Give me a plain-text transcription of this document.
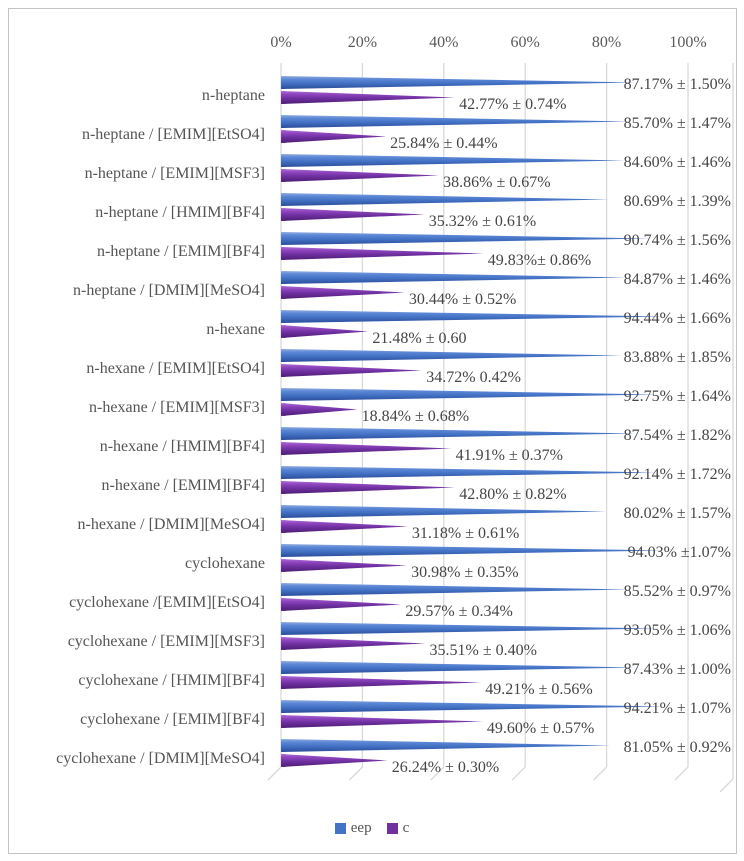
0%	20%	40%	60%	80%	100%
n-heptane
87.17% ± 1.50%
42.77% ± 0.74%
n-heptane / [EMIM][EtSO4]
85.70% ± 1.47%
25.84% ± 0.44%
n-heptane / [EMIM][MSF3]
84.60% ± 1.46%
38.86% ± 0.67%
n-heptane / [HMIM][BF4]
80.69% ± 1.39%
35.32% ± 0.61%
n-heptane / [EMIM][BF4]
90.74% ± 1.56%
49.83%± 0.86%
n-heptane / [DMIM][MeSO4]
84.87% ± 1.46%
30.44% ± 0.52%
n-hexane
94.44% ± 1.66%
21.48% ± 0.60
n-hexane / [EMIM][EtSO4]
83.88% ± 1.85%
34.72% 0.42%
n-hexane / [EMIM][MSF3]
92.75% ± 1.64%
18.84% ± 0.68%
n-hexane / [HMIM][BF4]
87.54% ± 1.82%
41.91% ± 0.37%
n-hexane / [EMIM][BF4]
92.14% ± 1.72%
42.80% ± 0.82%
n-hexane / [DMIM][MeSO4]
80.02% ± 1.57%
31.18% ± 0.61%
cyclohexane
94.03% ±1.07%
30.98% ± 0.35%
cyclohexane /[EMIM][EtSO4]
85.52% ± 0.97%
29.57% ± 0.34%
cyclohexane / [EMIM][MSF3]
93.05% ± 1.06%
35.51% ± 0.40%
cyclohexane / [HMIM][BF4]
87.43% ± 1.00%
49.21% ± 0.56%
cyclohexane / [EMIM][BF4]
94.21% ± 1.07%
49.60% ± 0.57%
cyclohexane / [DMIM][MeSO4]
81.05% ± 0.92%
26.24% ± 0.30%
eep c
